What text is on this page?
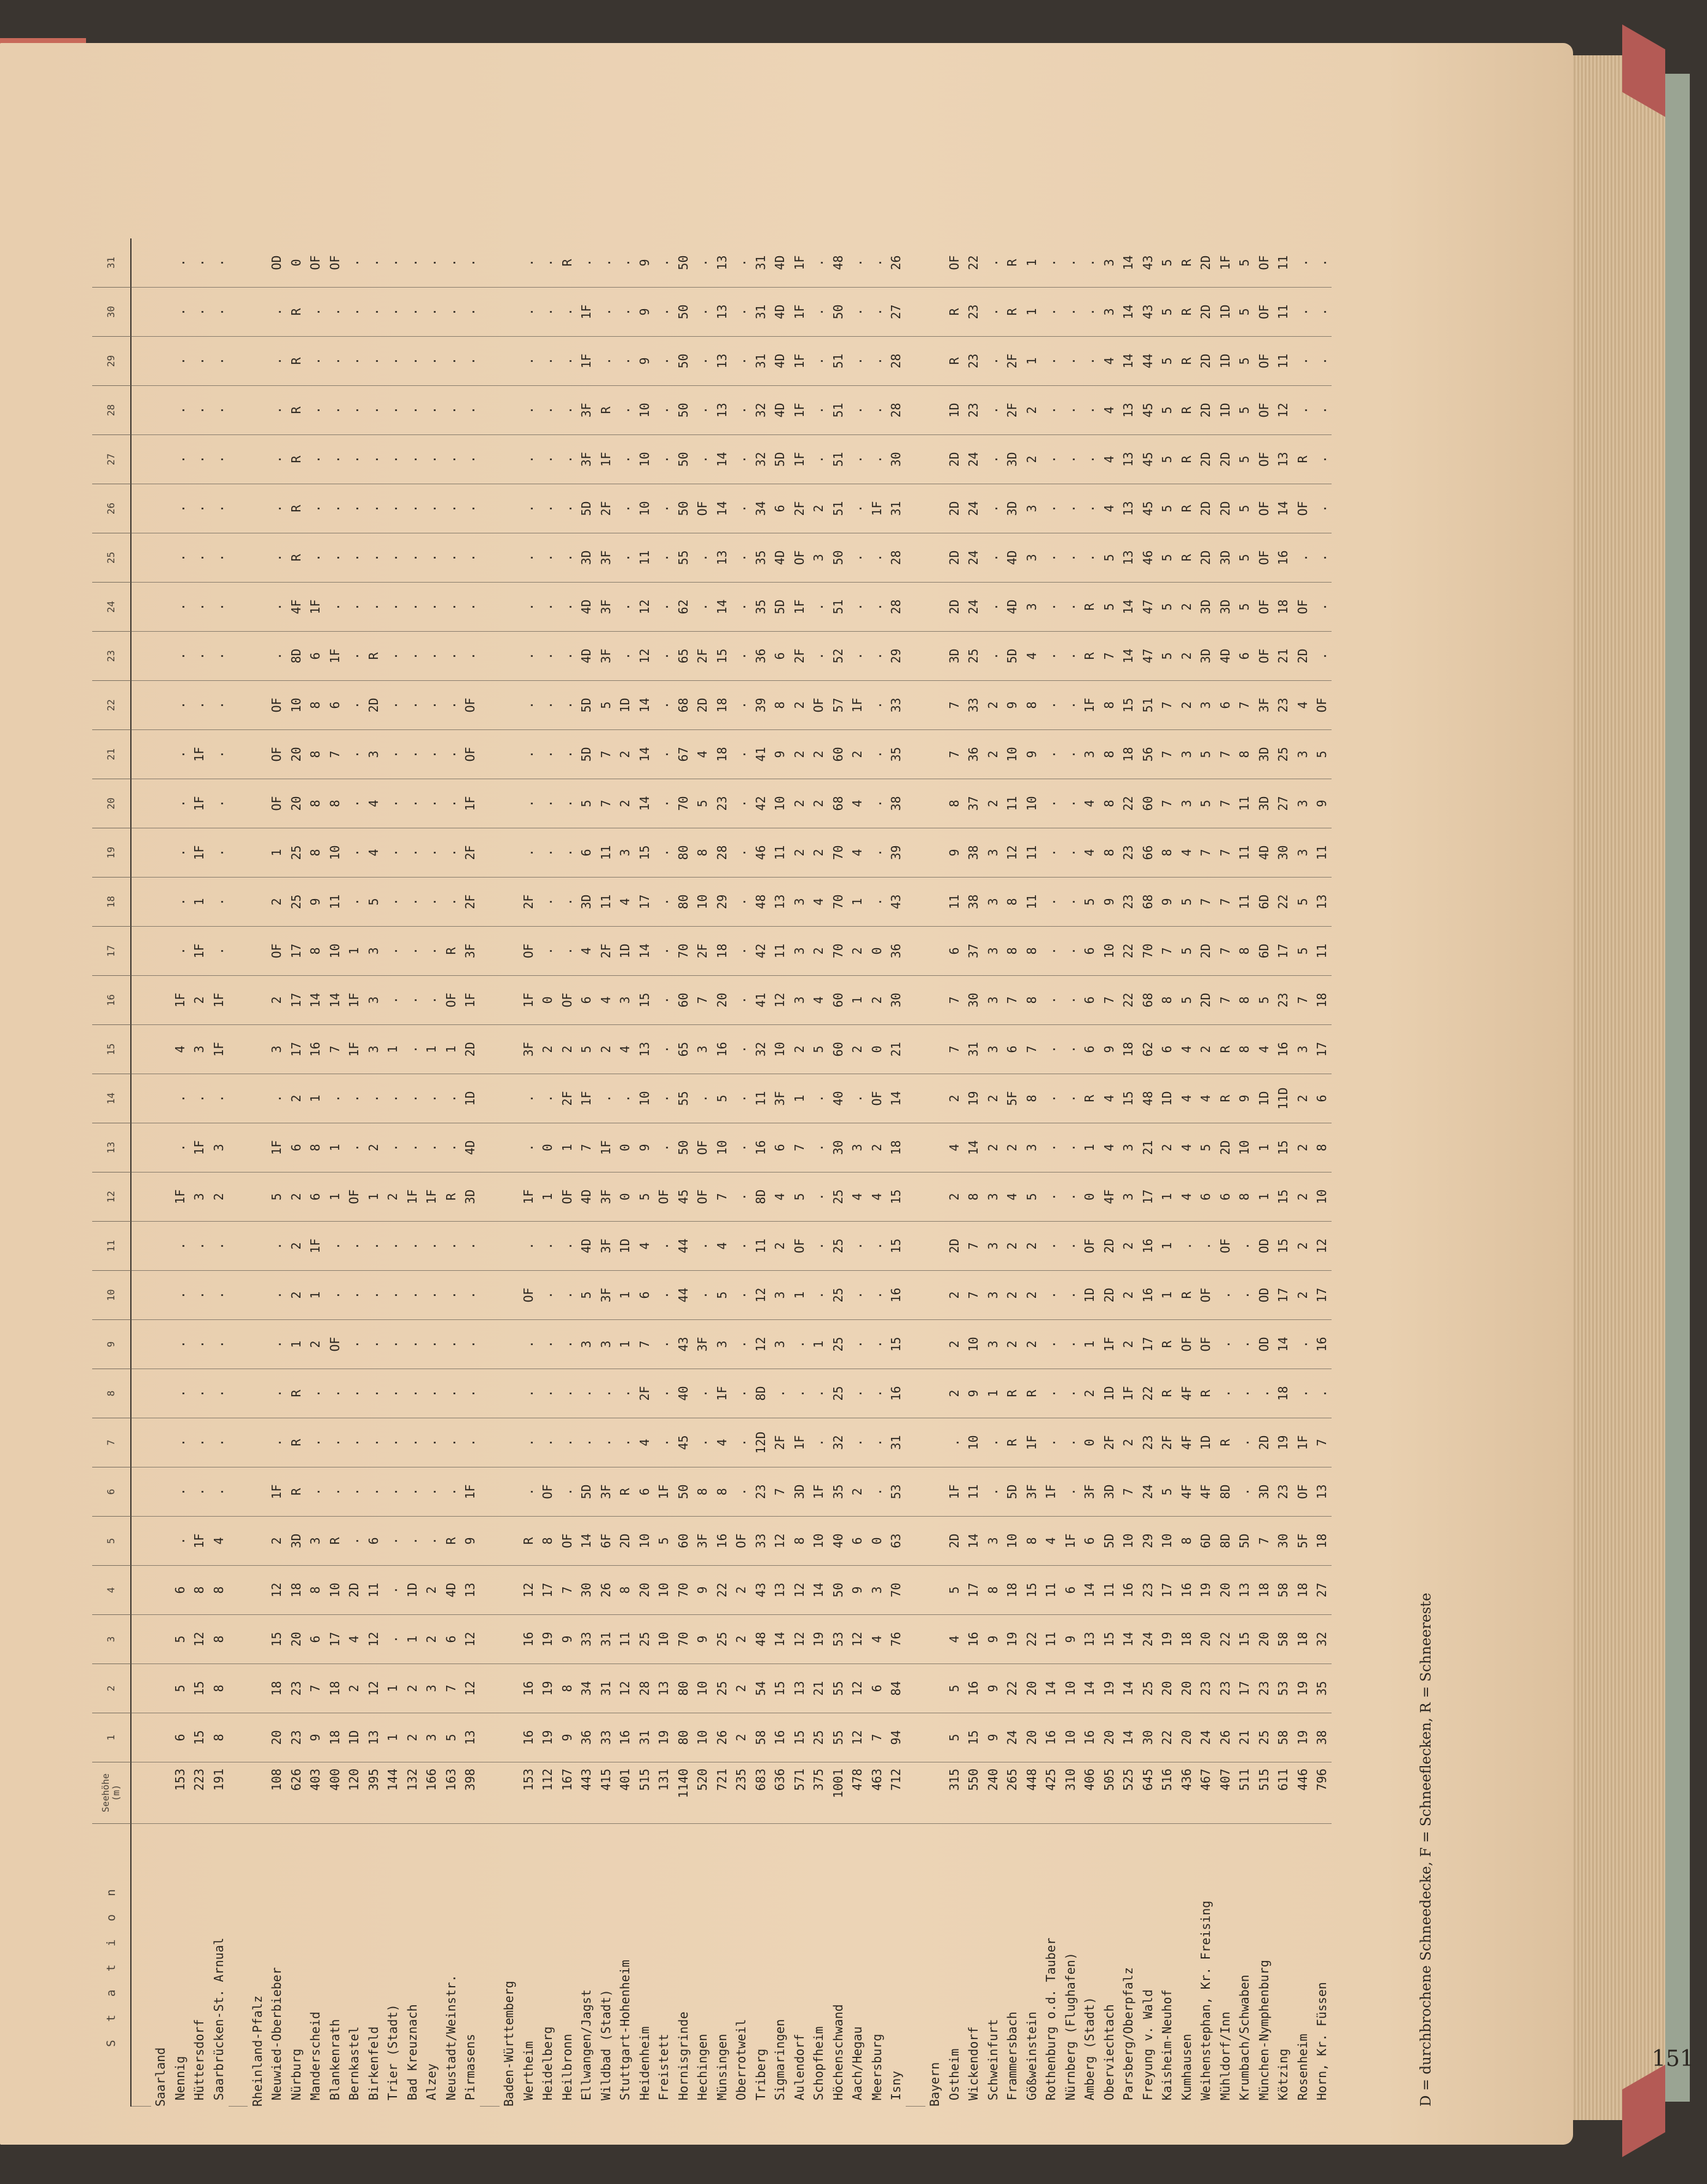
S t a t i o n
Seehöhe (m)
1
2
3
4
5
6
7
8
9
10
11
12
13
14
15
16
17
18
19
20
21
22
23
24
25
26
27
28
29
30
31
Saarland Nennig
153
6
5
5
6
.
.
.
.
.
.
.
1F
.
.
4
1F
.
.
.
.
.
.
.
.
.
.
.
.
.
.
.
Hüttersdorf
223
15
15
12
8
1F
.
.
.
.
.
.
3
1F
.
3
2
1F
1
1F
1F
1F
.
.
.
.
.
.
.
.
.
.
Saarbrücken-St. Arnual
191
8
8
8
8
4
.
.
.
.
.
.
2
3
.
1F
1F
.
.
.
.
.
.
.
.
.
.
.
.
.
.
.
Rheinland-Pfalz Neuwied-Oberbieber
108
20
18
15
12
2
1F
.
.
.
.
.
5
1F
.
3
2
OF
2
1
OF
OF
OF
.
.
.
.
.
.
.
.
OD
Nürburg
626
23
23
20
18
3D
R
R
R
1
2
2
2
6
2
17
17
17
25
25
20
20
10
8D
4F
R
R
R
R
R
R
0
Manderscheid
403
9
7
6
8
3
.
.
.
2
1
1F
6
8
1
16
14
8
9
8
8
8
8
6
1F
.
.
.
.
.
.
OF
Blankenrath
400
18
18
17
10
R
.
.
.
OF
.
.
1
1
.
7
14
10
11
10
8
7
6
1F
.
.
.
.
.
.
.
OF
Bernkastel
120
1D
2
4
2D
.
.
.
.
.
.
.
OF
.
.
1F
1F
1
.
.
.
.
.
.
.
.
.
.
.
.
.
.
Birkenfeld
395
13
12
12
11
6
.
.
.
.
.
.
1
2
.
3
3
3
5
4
4
3
2D
R
.
.
.
.
.
.
.
.
Trier (Stadt)
144
1
1
.
.
.
.
.
.
.
.
.
2
.
.
1
.
.
.
.
.
.
.
.
.
.
.
.
.
.
.
.
Bad Kreuznach
132
2
2
1
1D
.
.
.
.
.
.
.
1F
.
.
.
.
.
.
.
.
.
.
.
.
.
.
.
.
.
.
.
Alzey
166
3
3
2
2
.
.
.
.
.
.
.
1F
.
.
1
.
.
.
.
.
.
.
.
.
.
.
.
.
.
.
.
Neustadt/Weinstr.
163
5
7
6
4D
R
.
.
.
.
.
.
R
.
.
1
OF
R
.
.
.
.
.
.
.
.
.
.
.
.
.
.
Pirmasens
398
13
12
12
13
9
1F
.
.
.
.
.
3D
4D
1D
2D
1F
3F
2F
2F
1F
OF
OF
.
.
.
.
.
.
.
.
.
Baden-Württemberg Wertheim
153
16
16
16
12
R
.
.
.
.
OF
.
1F
.
.
3F
1F
OF
2F
.
.
.
.
.
.
.
.
.
.
.
.
.
Heidelberg
112
19
19
19
17
8
OF
.
.
.
.
.
1
0
.
2
0
.
.
.
.
.
.
.
.
.
.
.
.
.
.
.
Heilbronn
167
9
8
9
7
OF
.
.
.
.
.
.
OF
1
2F
2
OF
.
.
.
.
.
.
.
.
.
.
.
.
.
.
R
Ellwangen/Jagst
443
36
34
33
30
14
5D
.
.
3
5
4D
4D
7
1F
5
6
4
3D
6
5
5D
5D
4D
4D
3D
5D
3F
3F
1F
1F
.
Wildbad (Stadt)
415
33
31
31
26
6F
3F
.
.
3
3F
3F
3F
1F
.
2
4
2F
11
11
7
7
5
3F
3F
3F
2F
1F
R
.
.
.
Stuttgart-Hohenheim
401
16
12
11
8
2D
R
.
.
1
1
1D
0
0
.
4
3
1D
4
3
2
2
1D
.
.
.
.
.
.
.
.
.
Heidenheim
515
31
28
25
20
10
6
4
2F
7
6
4
5
9
10
13
15
14
17
15
14
14
14
12
12
11
10
10
10
9
9
9
Freistett
131
19
13
10
10
5
1F
.
.
.
.
.
OF
.
.
.
.
.
.
.
.
.
.
.
.
.
.
.
.
.
.
.
Hornisgrinde
1140
80
80
70
70
60
50
45
40
43
44
44
45
50
55
65
60
70
80
80
70
67
68
65
62
55
50
50
50
50
50
50
Hechingen
520
10
10
9
9
3F
8
.
.
3F
.
.
OF
OF
.
3
7
2F
10
8
5
4
2D
2F
.
.
OF
.
.
.
.
.
Münsingen
721
26
25
25
22
16
8
4
1F
3
5
4
7
10
5
16
20
18
29
28
23
18
18
15
14
13
14
14
13
13
13
13
Oberrotweil
235
2
2
2
2
OF
.
.
.
.
.
.
.
.
.
.
.
.
.
.
.
.
.
.
.
.
.
.
.
.
.
.
Triberg
683
58
54
48
43
33
23
12D
8D
12
12
11
8D
16
11
32
41
42
48
46
42
41
39
36
35
35
34
32
32
31
31
31
Sigmaringen
636
16
15
14
13
12
7
2F
.
3
3
2
4
6
3F
10
12
11
13
11
10
9
8
6
5D
4D
6
5D
4D
4D
4D
4D
Aulendorf
571
15
13
12
12
8
3D
1F
.
.
1
OF
5
7
1
2
3
3
3
2
2
2
2
2F
1F
OF
2F
1F
1F
1F
1F
1F
Schopfheim
375
25
21
19
14
10
1F
.
.
1
.
.
.
.
.
5
4
2
4
2
2
2
OF
.
.
3
2
.
.
.
.
.
Höchenschwand
1001
55
55
53
50
40
35
32
25
25
25
25
25
30
40
60
60
70
70
70
68
60
57
52
51
50
51
51
51
51
50
48
Aach/Hegau
478
12
12
12
9
6
2
.
.
.
.
.
4
3
.
2
1
2
1
4
4
2
1F
.
.
.
.
.
.
.
.
.
Meersburg
463
7
6
4
3
0
.
.
.
.
.
.
4
2
OF
0
2
0
.
.
.
.
.
.
.
.
1F
.
.
.
.
.
Isny
712
94
84
76
70
63
53
31
16
15
16
15
15
18
14
21
30
36
43
39
38
35
33
29
28
28
31
30
28
28
27
26
Bayern Ostheim
315
5
5
4
5
2D
1F
.
2
2
2
2D
2
4
2
7
7
6
11
9
8
7
7
3D
2D
2D
2D
2D
1D
R
R
OF
Wickendorf
550
15
16
16
17
14
11
10
9
10
7
7
8
14
19
31
30
37
38
38
37
36
33
25
24
24
24
24
23
23
23
22
Schweinfurt
240
9
9
9
8
3
.
.
1
3
3
3
3
2
2
3
3
3
3
3
2
2
2
.
.
.
.
.
.
.
.
.
Frammersbach
265
24
22
19
18
10
5D
R
R
2
2
2
4
2
5F
6
7
8
8
12
11
10
9
5D
4D
4D
3D
3D
2F
2F
R
R
Gößweinstein
448
20
20
22
15
8
3F
1F
R
2
2
2
5
3
8
7
8
8
11
11
10
9
8
4
3
3
3
2
2
1
1
1
Rothenburg o.d. Tauber
425
16
14
11
11
4
1F
.
.
.
.
.
.
.
.
.
.
.
.
.
.
.
.
.
.
.
.
.
.
.
.
.
Nürnberg (Flughafen)
310
10
10
9
6
1F
.
.
.
.
.
.
.
.
.
.
.
.
.
.
.
.
.
.
.
.
.
.
.
.
.
.
Amberg (Stadt)
406
16
14
13
14
6
3F
0
2
1
1D
OF
0
1
R
6
6
6
5
4
4
3
1F
R
R
.
.
.
.
.
.
.
Oberviechtach
505
20
19
15
11
5D
3D
2F
1D
1F
2D
2D
4F
4
4
9
7
10
9
8
8
8
8
7
5
5
4
4
4
4
3
3
Parsberg/Oberpfalz
525
14
14
14
16
10
7
2
1F
2
2
2
3
3
15
18
22
22
23
23
22
18
15
14
14
13
13
13
13
14
14
14
Freyung v. Wald
645
30
25
24
23
29
24
23
22
17
16
16
17
21
48
62
68
70
68
66
60
56
51
47
47
46
45
45
45
44
43
43
Kaisheim-Neuhof
516
22
20
19
17
10
5
2F
R
R
1
1
1
2
1D
6
8
7
9
8
7
7
7
5
5
5
5
5
5
5
5
5
Kumhausen
436
20
20
18
16
8
4F
4F
4F
OF
R
.
4
4
4
4
5
5
5
4
3
3
2
2
2
R
R
R
R
R
R
R
Weihenstephan, Kr. Freising
467
24
23
20
19
6D
4F
1D
R
OF
OF
.
6
5
4
2
2D
2D
7
7
5
5
3
3D
3D
2D
2D
2D
2D
2D
2D
2D
Mühldorf/Inn
407
26
23
22
20
8D
8D
R
.
.
.
OF
6
2D
R
R
7
7
7
7
7
7
6
4D
3D
3D
2D
2D
1D
1D
1D
1F
Krumbach/Schwaben
511
21
17
15
13
5D
.
.
.
.
.
.
8
10
9
8
8
8
11
11
11
8
7
6
5
5
5
5
5
5
5
5
München-Nymphenburg
515
25
23
20
18
7
3D
2D
.
OD
OD
OD
1
1
1D
4
5
6D
6D
4D
3D
3D
3F
OF
OF
OF
OF
OF
OF
OF
OF
OF
Kötzing
611
58
53
58
58
30
23
19
18
14
17
15
15
15
11D
16
23
17
22
30
27
25
23
21
18
16
14
13
12
11
11
11
Rosenheim
446
19
19
18
18
5F
OF
1F
.
.
2
2
2
2
2
3
7
5
5
3
3
3
4
2D
OF
.
OF
R
.
.
.
.
Horn, Kr. Füssen
796
38
35
32
27
18
13
7
.
16
17
12
10
8
6
17
18
11
13
11
9
5
OF
.
.
.
.
.
.
.
.
.
D = durchbrochene Schneedecke, F = Schneeflecken, R = Schneereste	151
